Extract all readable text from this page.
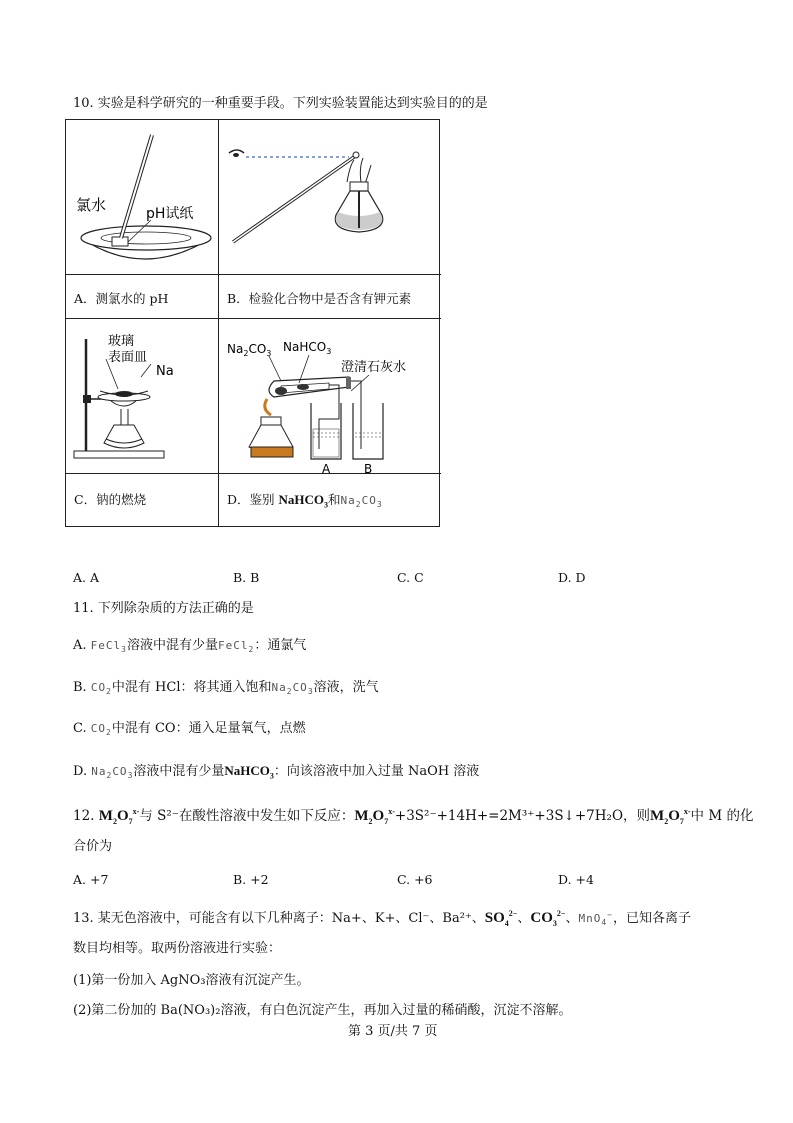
10. 实验是科学研究的一种重要手段。下列实验装置能达到实验目的的是
氯水	pH试纸
A．测氯水的 pH	B．检验化合物中是否含有钾元素
玻璃
表面皿
Na
$Na_2CO_3$ NaHCO$_3$
澄清石灰水
A	B
C．钠的燃烧	D．鉴别 NaHCO$_3$和$Na_2CO_3$
A. A	B. B	C. C	D. D
11. 下列除杂质的方法正确的是
A. FeCl$_3$溶液中混有少量FeCl$_2$：通氯气
B. $CO_2$中混有 HCl：将其通入饱和$Na_2CO_3$溶液，洗气
C. $CO_2$中混有 CO：通入足量氧气，点燃
D. $Na_2CO_3$溶液中混有少量NaHCO$_3$：向该溶液中加入过量 NaOH 溶液
12. $M_2O_7^{x-}$与 S²⁻在酸性溶液中发生如下反应：$M_2O_7^{x-}+3S^{2-}+14H+=2M^{3+}+3S↓+7H_2O$，则$M_2O_7^{x-}$中 M 的化
合价为
A. +7	B. +2	C. +6	D. +4
13. 某无色溶液中，可能含有以下几种离子：Na+、K+、Cl⁻、Ba²⁺、$SO_4^{2-}$、$CO_3^{2-}$、MnO$_4$−，已知各离子
数目均相等。取两份溶液进行实验：
(1)第一份加入 AgNO₃溶液有沉淀产生。
(2)第二份加的 Ba(NO₃)₂溶液，有白色沉淀产生，再加入过量的稀硝酸，沉淀不溶解。
第 3 页/共 7 页
